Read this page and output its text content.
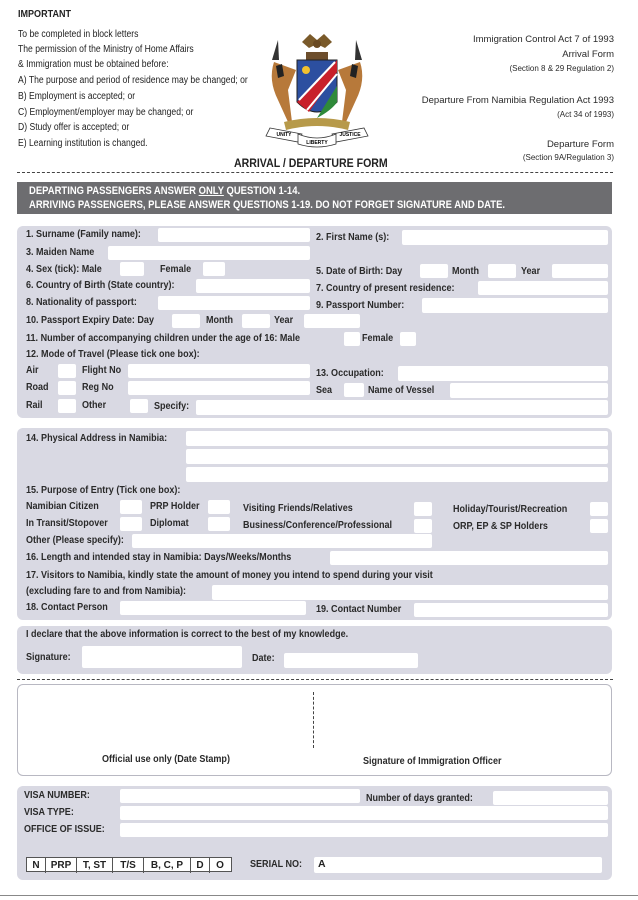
IMPORTANT
To be completed in block letters
The permission of the Ministry of Home Affairs
& Immigration must be obtained before:
A) The purpose and period of residence may be changed; or
B) Employment is accepted; or
C) Employment/employer may be changed; or
D) Study offer is accepted; or
E) Learning institution is changed.
UNITY
LIBERTY
JUSTICE
Immigration Control Act 7 of 1993
Arrival Form
(Section 8 & 29 Regulation 2)
Departure From Namibia Regulation Act 1993
(Act 34 of 1993)
Departure Form
(Section 9A/Regulation 3)
ARRIVAL / DEPARTURE FORM
DEPARTING PASSENGERS ANSWER ONLY QUESTION 1-14.
ARRIVING PASSENGERS, PLEASE ANSWER QUESTIONS 1-19. DO NOT FORGET SIGNATURE AND DATE.
1. Surname (Family name):	2. First Name (s):
3. Maiden Name
4. Sex (tick): Male	Female	5. Date of Birth: Day	Month	Year
6. Country of Birth (State country):	7. Country of present residence:
8. Nationality of passport:	9. Passport Number:
10. Passport Expiry Date: Day	Month	Year
11. Number of accompanying children under the age of 16: Male	Female
12. Mode of Travel (Please tick one box):
Air	Flight No	13. Occupation:
Road	Reg No	Sea	Name of Vessel
Rail	Other	Specify:
14. Physical Address in Namibia:
15. Purpose of Entry (Tick one box):
Namibian Citizen	PRP Holder	Visiting Friends/Relatives	Holiday/Tourist/Recreation
In Transit/Stopover	Diplomat	Business/Conference/Professional	ORP, EP & SP Holders
Other (Please specify):
16. Length and intended stay in Namibia: Days/Weeks/Months
17. Visitors to Namibia, kindly state the amount of money you intend to spend during your visit
(excluding fare to and from Namibia):
18. Contact Person	19. Contact Number
I declare that the above information is correct to the best of my knowledge.
Signature:	Date:
Official use only (Date Stamp)	Signature of Immigration Officer
VISA NUMBER:	Number of days granted:
VISA TYPE:
OFFICE OF ISSUE:
N	PRP	T, ST	T/S	B, C, P	D	O	SERIAL NO: A
